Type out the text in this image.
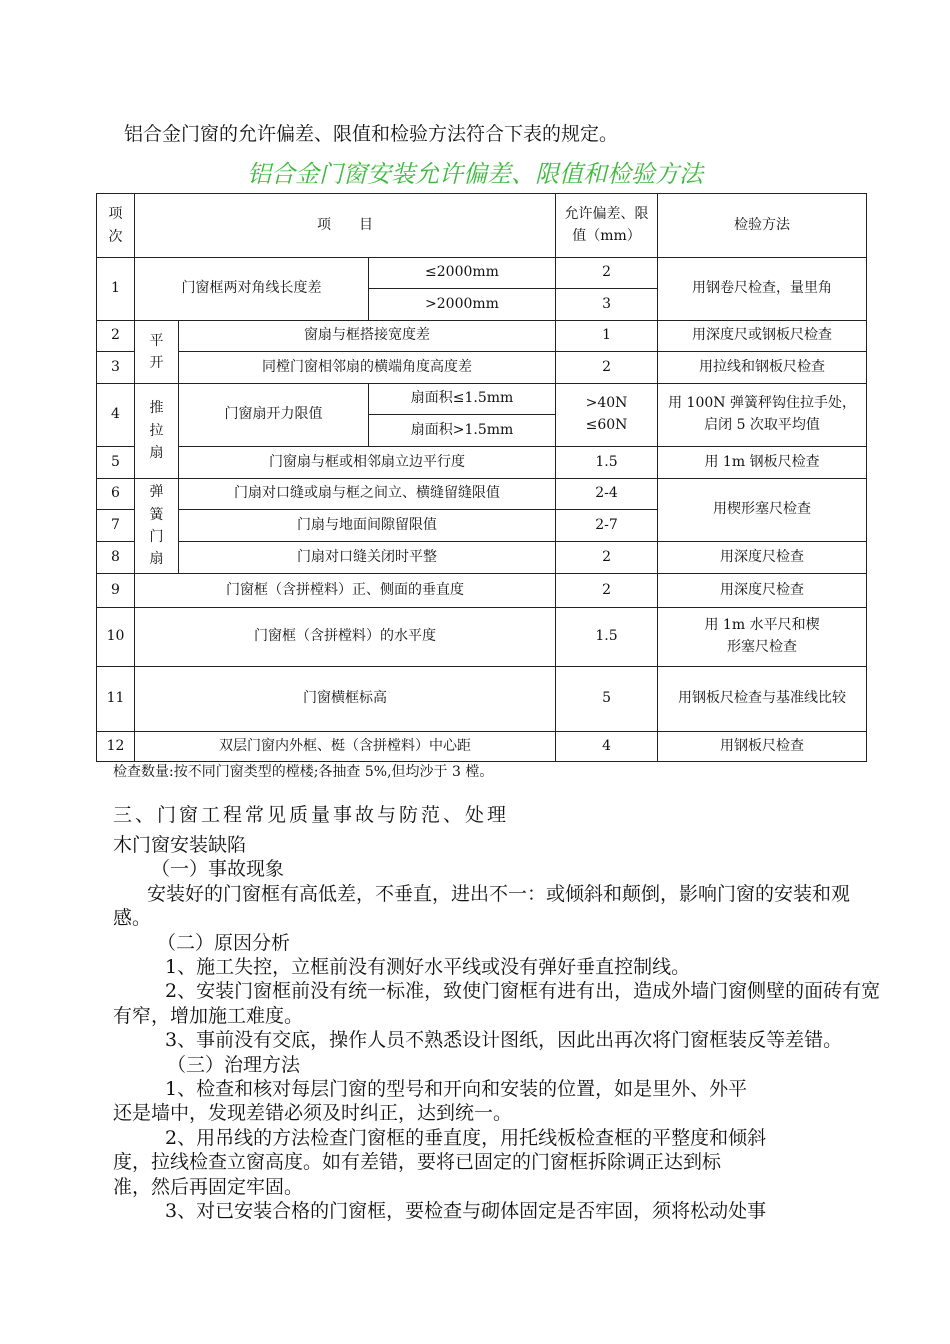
铝合金门窗的允许偏差、限值和检验方法符合下表的规定。
铝合金门窗安装允许偏差、限值和检验方法
项次	项　　目			允许偏差、限值（mm）	检验方法
1	门窗框两对角线长度差		≤2000mm	2	用钢卷尺检查，量里角
			>2000mm	3	
2	平开	窗扇与框搭接宽度差		1	用深度尺或钢板尺检查
3		同樘门窗相邻扇的横端角度高度差		2	用拉线和钢板尺检查
4	推拉扇	门窗扇开力限值	扇面积≤1.5mm	>40N ≤60N	用 100N 弹簧秤钩住拉手处，启闭 5 次取平均值
			扇面积>1.5mm		
5		门窗扇与框或相邻扇立边平行度		1.5	用 1m 钢板尺检查
6	弹簧门扇	门扇对口缝或扇与框之间立、横缝留缝限值		2-4	用楔形塞尺检查
7		门扇与地面间隙留限值		2-7	
8		门扇对口缝关闭时平整		2	用深度尺检查
9	门窗框（含拼樘料）正、侧面的垂直度			2	用深度尺检查
10	门窗框（含拼樘料）的水平度			1.5	用 1m 水平尺和楔形塞尺检查
11	门窗横框标高			5	用钢板尺检查与基准线比较
12	双层门窗内外框、梃（含拼樘料）中心距			4	用钢板尺检查
检查数量:按不同门窗类型的樘楼;各抽查 5%,但均沙于 3 樘。
三、门窗工程常见质量事故与防范、处理

木门窗安装缺陷

（一）事故现象

安装好的门窗框有高低差，不垂直，进出不一：或倾斜和颠倒，影响门窗的安装和观感。

（二）原因分析

1、施工失控，立框前没有测好水平线或没有弹好垂直控制线。

2、安装门窗框前没有统一标准，致使门窗框有进有出，造成外墙门窗侧壁的面砖有宽有窄，增加施工难度。

3、事前没有交底，操作人员不熟悉设计图纸，因此出再次将门窗框装反等差错。

（三）治理方法

1、检查和核对每层门窗的型号和开向和安装的位置，如是里外、外平

还是墙中，发现差错必须及时纠正，达到统一。

2、用吊线的方法检查门窗框的垂直度，用托线板检查框的平整度和倾斜

度，拉线检查立窗高度。如有差错，要将已固定的门窗框拆除调正达到标

准，然后再固定牢固。

3、对已安装合格的门窗框，要检查与砌体固定是否牢固，须将松动处事
